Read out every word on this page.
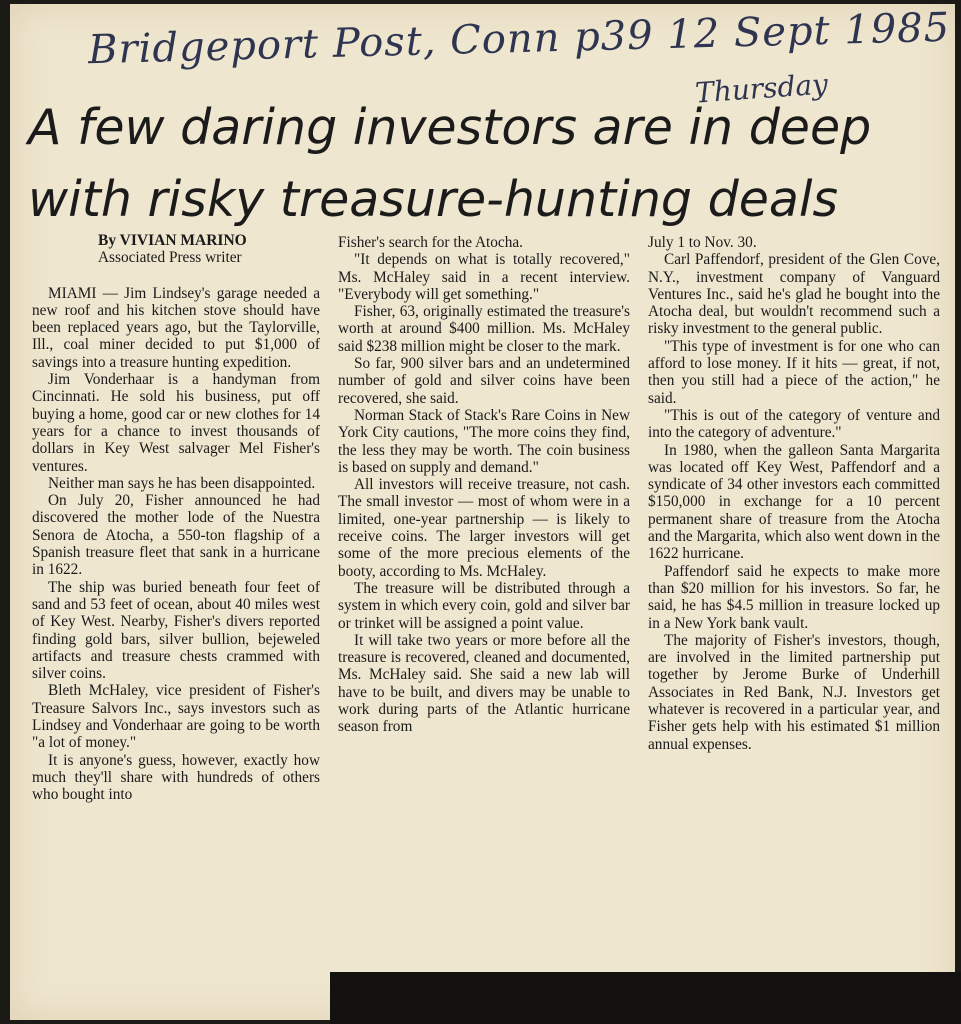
Bridgeport Post, Conn p39 12 Sept 1985
Thursday
A few daring investors are in deep with risky treasure-hunting deals

By VIVIAN MARINO

Associated Press writer

MIAMI — Jim Lindsey's garage needed a new roof and his kitchen stove should have been replaced years ago, but the Taylorville, Ill., coal miner decided to put $1,000 of savings into a treasure hunting expedition.

Jim Vonderhaar is a handyman from Cincinnati. He sold his business, put off buying a home, good car or new clothes for 14 years for a chance to invest thousands of dollars in Key West salvager Mel Fisher's ventures.

Neither man says he has been disappointed.

On July 20, Fisher announced he had discovered the mother lode of the Nuestra Senora de Atocha, a 550-ton flagship of a Spanish treasure fleet that sank in a hurricane in 1622.

The ship was buried beneath four feet of sand and 53 feet of ocean, about 40 miles west of Key West. Nearby, Fisher's divers reported finding gold bars, silver bullion, bejeweled artifacts and treasure chests crammed with silver coins.

Bleth McHaley, vice president of Fisher's Treasure Salvors Inc., says investors such as Lindsey and Vonderhaar are going to be worth "a lot of money."

It is anyone's guess, however, exactly how much they'll share with hundreds of others who bought into

Fisher's search for the Atocha.

"It depends on what is totally recovered," Ms. McHaley said in a recent interview. "Everybody will get something."

Fisher, 63, originally estimated the treasure's worth at around $400 million. Ms. McHaley said $238 million might be closer to the mark.

So far, 900 silver bars and an undetermined number of gold and silver coins have been recovered, she said.

Norman Stack of Stack's Rare Coins in New York City cautions, "The more coins they find, the less they may be worth. The coin business is based on supply and demand."

All investors will receive treasure, not cash. The small investor — most of whom were in a limited, one-year partnership — is likely to receive coins. The larger investors will get some of the more precious elements of the booty, according to Ms. McHaley.

The treasure will be distributed through a system in which every coin, gold and silver bar or trinket will be assigned a point value.

It will take two years or more before all the treasure is recovered, cleaned and documented, Ms. McHaley said. She said a new lab will have to be built, and divers may be unable to work during parts of the Atlantic hurricane season from

July 1 to Nov. 30.

Carl Paffendorf, president of the Glen Cove, N.Y., investment company of Vanguard Ventures Inc., said he's glad he bought into the Atocha deal, but wouldn't recommend such a risky investment to the general public.

"This type of investment is for one who can afford to lose money. If it hits — great, if not, then you still had a piece of the action," he said.

"This is out of the category of venture and into the category of adventure."

In 1980, when the galleon Santa Margarita was located off Key West, Paffendorf and a syndicate of 34 other investors each committed $150,000 in exchange for a 10 percent permanent share of treasure from the Atocha and the Margarita, which also went down in the 1622 hurricane.

Paffendorf said he expects to make more than $20 million for his investors. So far, he said, he has $4.5 million in treasure locked up in a New York bank vault.

The majority of Fisher's investors, though, are involved in the limited partnership put together by Jerome Burke of Underhill Associates in Red Bank, N.J. Investors get whatever is recovered in a particular year, and Fisher gets help with his estimated $1 million annual expenses.
